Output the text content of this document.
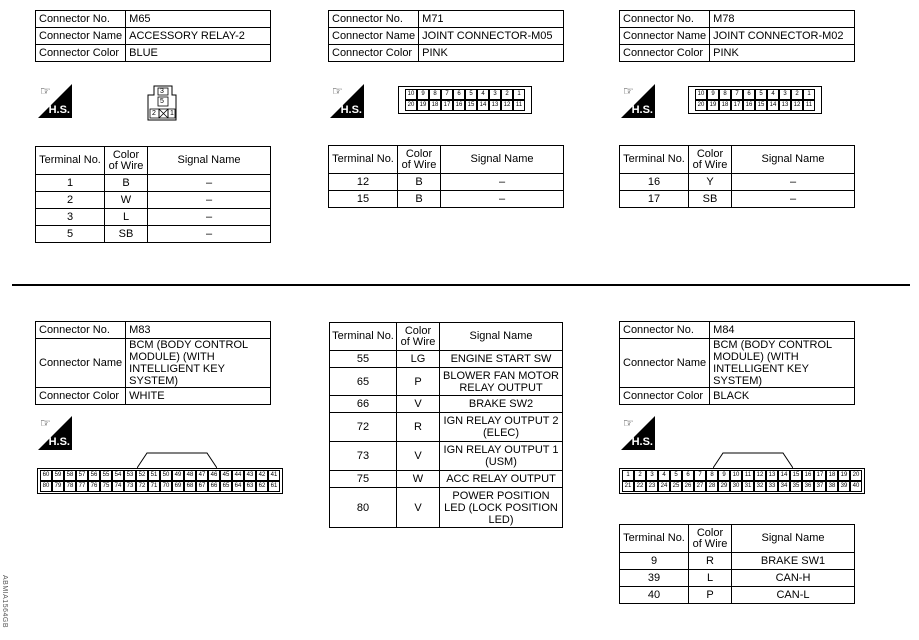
Connector No.	M65
Connector Name	ACCESSORY RELAY-2
Connector Color	BLUE
☞
H.S.
3
5
2 1
Terminal No.	Color of Wire	Signal Name
1	B	–
2	W	–
3	L	–
5	SB	–
Connector No.	M71
Connector Name	JOINT CONNECTOR-M05
Connector Color	PINK
☞
H.S.
10	9	8	7	6	5	4	3	2	1
20 19 18 17 16 15 14 13 12 11
Terminal No.	Color of Wire	Signal Name
12	B	–
15	B	–
Connector No.	M78
Connector Name	JOINT CONNECTOR-M02
Connector Color	PINK
☞
H.S.
10	9	8	7	6	5	4	3	2	1
20 19 18 17 16 15 14 13 12 11
Terminal No.	Color of Wire	Signal Name
16	Y	–
17	SB	–
Connector No.	M83
Connector Name	BCM (BODY CONTROL MODULE) (WITH INTELLIGENT KEY SYSTEM)
Connector Color	WHITE
☞
H.S.
60 59 58 57 56 55 54 53 52 51 50 49 48 47 46 45 44 43 42 41
80 79 78 77 76 75 74 73 72 71 70 69 68 67 66 65 64 63 62 61
Terminal No.	Color of Wire	Signal Name
55	LG	ENGINE START SW
65	P	BLOWER FAN MOTOR RELAY OUTPUT
66	V	BRAKE SW2
72	R	IGN RELAY OUTPUT 2 (ELEC)
73	V	IGN RELAY OUTPUT 1 (USM)
75	W	ACC RELAY OUTPUT
80	V	POWER POSITION LED (LOCK POSITION LED)
Connector No.	M84
Connector Name	BCM (BODY CONTROL MODULE) (WITH INTELLIGENT KEY SYSTEM)
Connector Color	BLACK
☞
H.S.
1	2	3	4	5	6	7	8	9	10 11 12 13 14 15 16 17 18 19 20
21 22 23 24 25 26 27 28 29 30 31 32 33 34 35 36 37 38 39 40
Terminal No.	Color of Wire	Signal Name
9	R	BRAKE SW1
39	L	CAN-H
40	P	CAN-L
ABMIA1564GB
